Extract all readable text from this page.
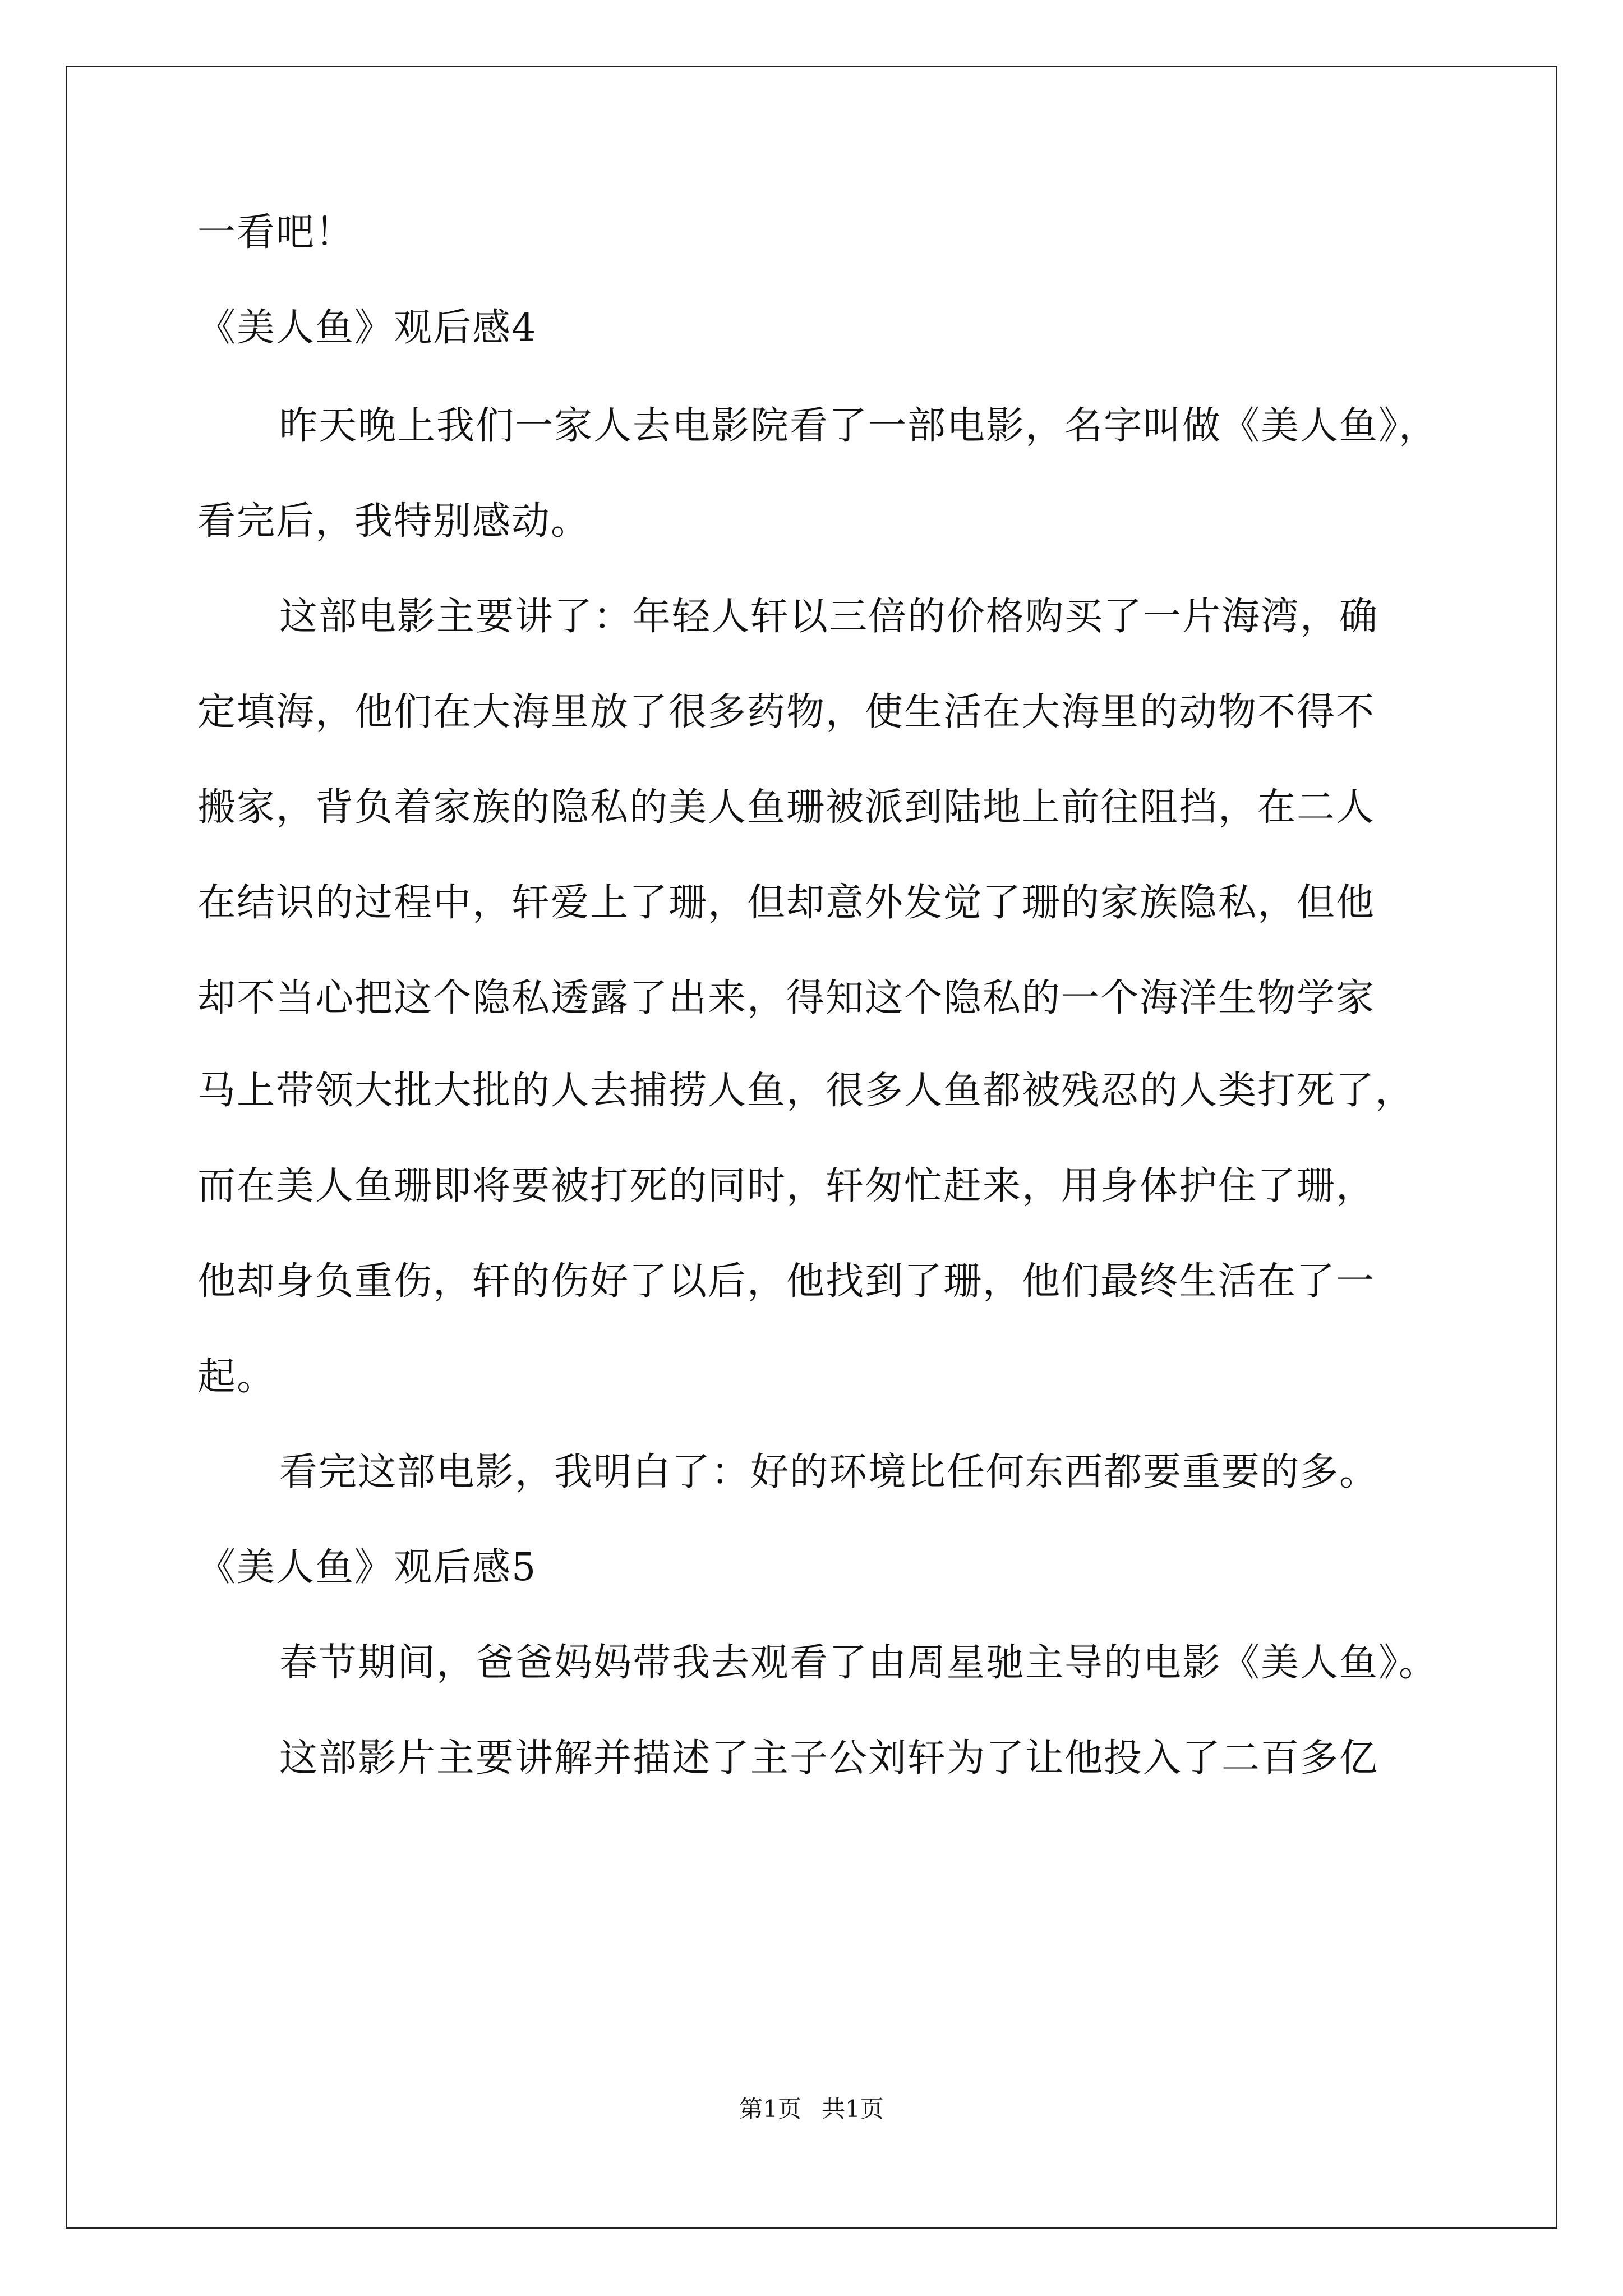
一看吧！
《美人鱼》观后感4
昨天晚上我们一家人去电影院看了一部电影，名字叫做《美人鱼》，
看完后，我特别感动。
这部电影主要讲了：年轻人轩以三倍的价格购买了一片海湾，确
定填海，他们在大海里放了很多药物，使生活在大海里的动物不得不
搬家，背负着家族的隐私的美人鱼珊被派到陆地上前往阻挡，在二人
在结识的过程中，轩爱上了珊，但却意外发觉了珊的家族隐私，但他
却不当心把这个隐私透露了出来，得知这个隐私的一个海洋生物学家
马上带领大批大批的人去捕捞人鱼，很多人鱼都被残忍的人类打死了，
而在美人鱼珊即将要被打死的同时，轩匆忙赶来，用身体护住了珊，
他却身负重伤，轩的伤好了以后，他找到了珊，他们最终生活在了一
起。
看完这部电影，我明白了：好的环境比任何东西都要重要的多。
《美人鱼》观后感5
春节期间，爸爸妈妈带我去观看了由周星驰主导的电影《美人鱼》。
这部影片主要讲解并描述了主子公刘轩为了让他投入了二百多亿
第1页 共1页
